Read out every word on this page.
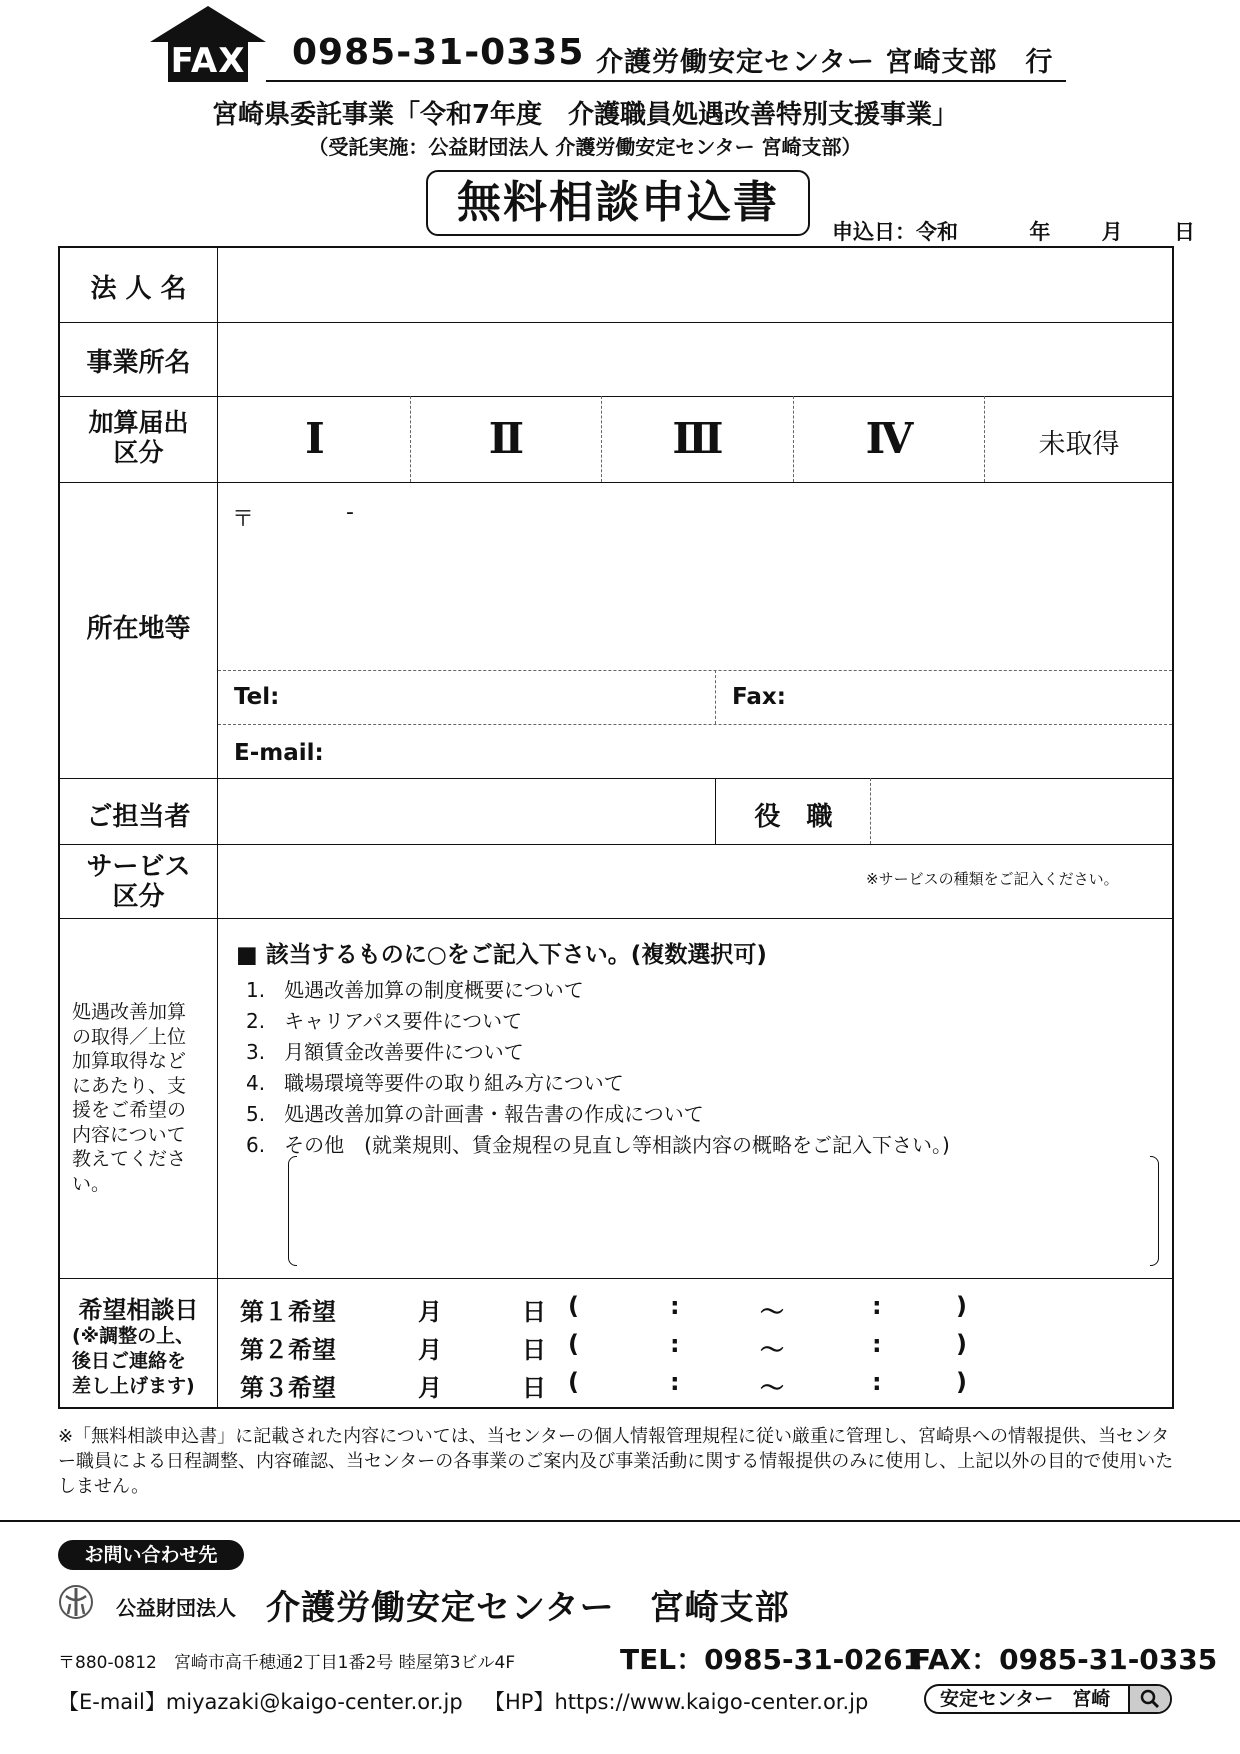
FAX 0985-31-0335 介護労働安定センター 宮崎支部　行
宮崎県委託事業「令和7年度　介護職員処遇改善特別支援事業」
（受託実施：公益財団法人 介護労働安定センター 宮崎支部）
無料相談申込書
申込日：令和	年 月 日
法 人 名
事業所名
加算届出
区分	Ⅰ	Ⅱ	Ⅲ	Ⅳ	未取得
所在地等
〒	-
Tel:	Fax:
E-mail:
ご担当者	役　職
サービス
区分
※サービスの種類をご記入ください。
処遇改善加算
の取得／上位
加算取得など
にあたり、支
援をご希望の
内容について
教えてくださ
い。
■ 該当するものに○をご記入下さい。(複数選択可)
1. 処遇改善加算の制度概要について
2. キャリアパス要件について
3. 月額賃金改善要件について
4. 職場環境等要件の取り組み方について
5. 処遇改善加算の計画書・報告書の作成について
6. その他　(就業規則、賃金規程の見直し等相談内容の概略をご記入下さい。)
希望相談日
(※調整の上、
後日ご連絡を
差し上げます)
第１希望	月	日 (	:	〜	:	)
第２希望	月	日 (	:	〜	:	)
第３希望	月	日 (	:	〜	:	)
※「無料相談申込書」に記載された内容については、当センターの個人情報管理規程に従い厳重に管理し、宮崎県への情報提供、当センター職員による日程調整、内容確認、当センターの各事業のご案内及び事業活動に関する情報提供のみに使用し、上記以外の目的で使用いたしません。
お問い合わせ先
公益財団法人 介護労働安定センター　宮崎支部
〒880-0812　宮崎市高千穂通2丁目1番2号 睦屋第3ビル4F	TEL：0985-31-0261
FAX：0985-31-0335
【E-mail】miyazaki@kaigo-center.or.jp 【HP】https://www.kaigo-center.or.jp	安定センター　宮崎
